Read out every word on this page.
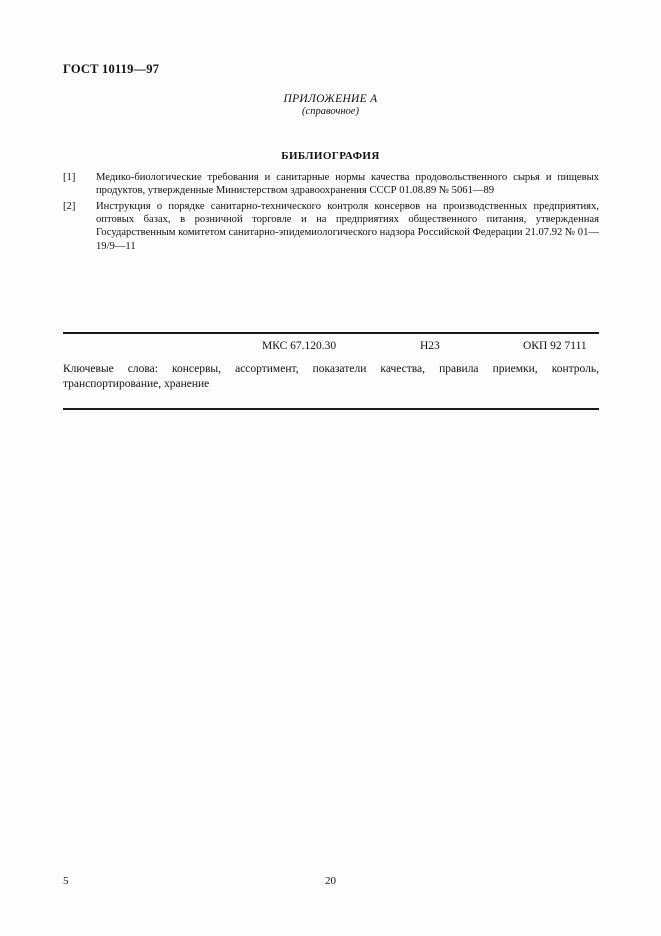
ГОСТ 10119—97
ПРИЛОЖЕНИЕ А
(справочное)
БИБЛИОГРАФИЯ
[1] Медико-биологические требования и санитарные нормы качества продовольственного сырья и пищевых продуктов, утвержденные Министерством здравоохранения СССР 01.08.89 № 5061—89
[2] Инструкция о порядке санитарно-технического контроля консервов на производственных предприятиях, оптовых базах, в розничной торговле и на предприятиях общественного питания, утвержденная Государственным комитетом санитарно-эпидемиологического надзора Российской Федерации 21.07.92 № 01—19/9—11
МКС 67.120.30	Н23	ОКП 92 7111
Ключевые слова: консервы, ассортимент, показатели качества, правила приемки, контроль, транспортирование, хранение
5	20
